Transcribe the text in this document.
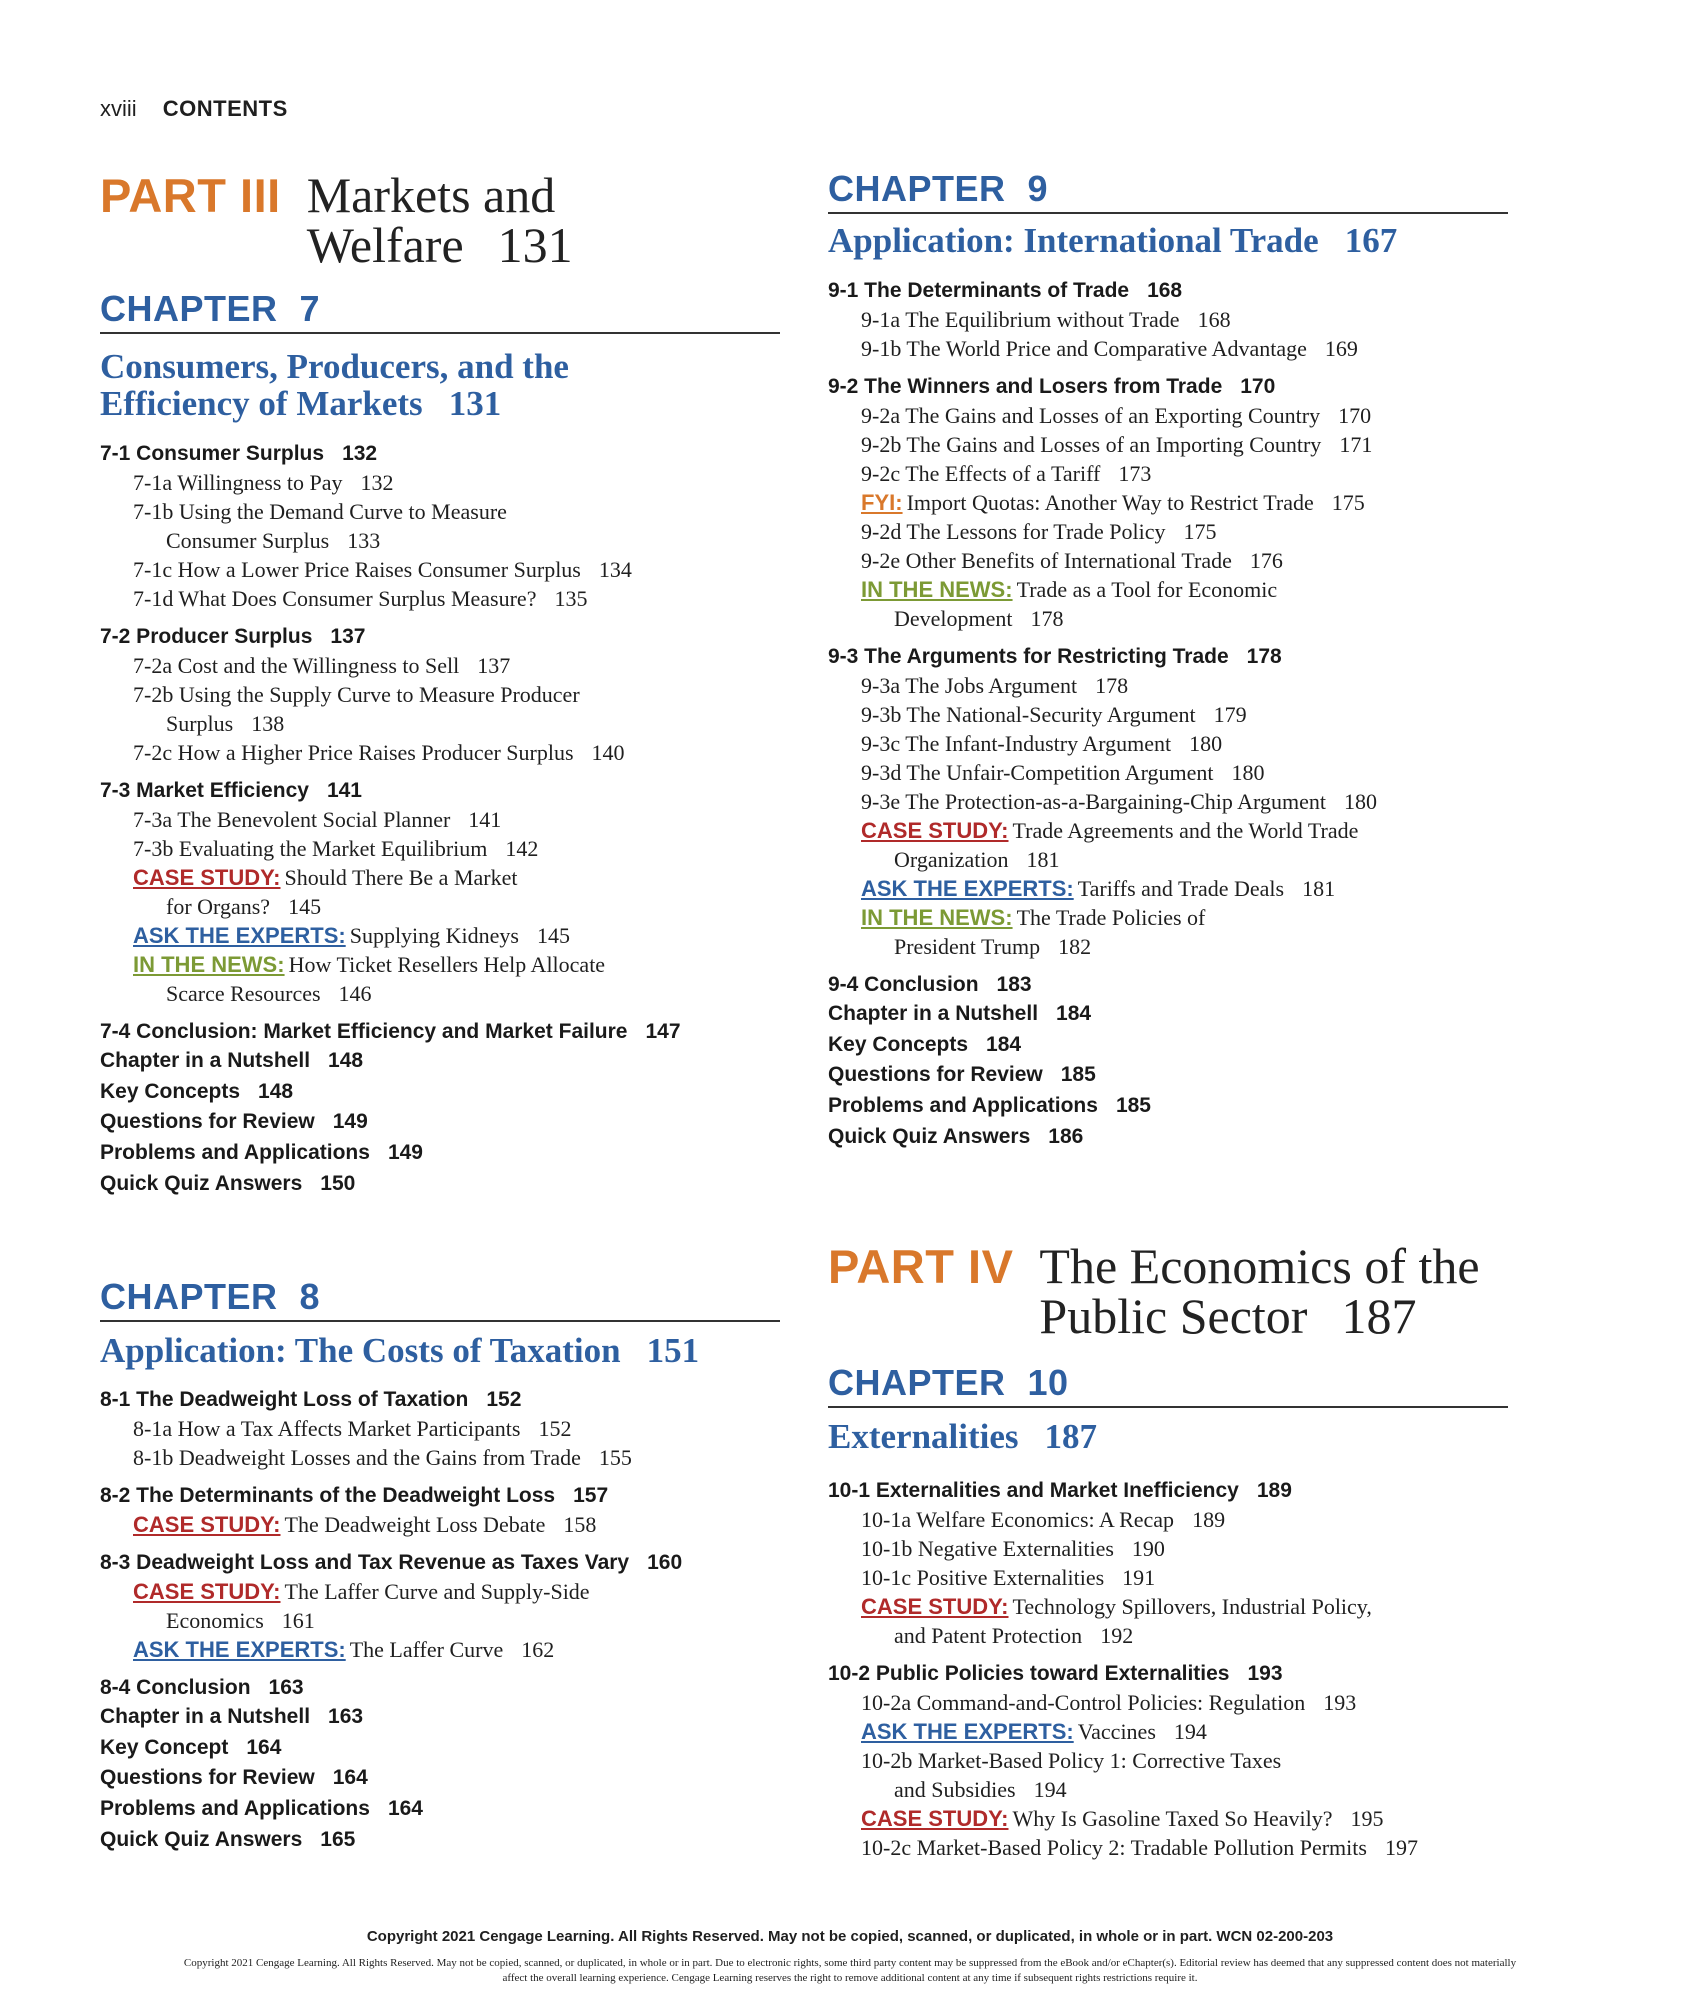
xviii CONTENTS
PART III Markets and
Welfare 131
CHAPTER 7
Consumers, Producers, and the
Efficiency of Markets 131
7-1 Consumer Surplus 132
7-1a Willingness to Pay 132
7-1b Using the Demand Curve to Measure
Consumer Surplus 133
7-1c How a Lower Price Raises Consumer Surplus 134
7-1d What Does Consumer Surplus Measure? 135
7-2 Producer Surplus 137
7-2a Cost and the Willingness to Sell 137
7-2b Using the Supply Curve to Measure Producer
Surplus 138
7-2c How a Higher Price Raises Producer Surplus 140
7-3 Market Efficiency 141
7-3a The Benevolent Social Planner 141
7-3b Evaluating the Market Equilibrium 142
CASE STUDY: Should There Be a Market
for Organs? 145
ASK THE EXPERTS: Supplying Kidneys 145
IN THE NEWS: How Ticket Resellers Help Allocate
Scarce Resources 146
7-4 Conclusion: Market Efficiency and Market Failure 147
Chapter in a Nutshell 148
Key Concepts 148
Questions for Review 149
Problems and Applications 149
Quick Quiz Answers 150
CHAPTER 8
Application: The Costs of Taxation 151
8-1 The Deadweight Loss of Taxation 152
8-1a How a Tax Affects Market Participants 152
8-1b Deadweight Losses and the Gains from Trade 155
8-2 The Determinants of the Deadweight Loss 157
CASE STUDY: The Deadweight Loss Debate 158
8-3 Deadweight Loss and Tax Revenue as Taxes Vary 160
CASE STUDY: The Laffer Curve and Supply-Side
Economics 161
ASK THE EXPERTS: The Laffer Curve 162
8-4 Conclusion 163
Chapter in a Nutshell 163
Key Concept 164
Questions for Review 164
Problems and Applications 164
Quick Quiz Answers 165
CHAPTER 9
Application: International Trade 167
9-1 The Determinants of Trade 168
9-1a The Equilibrium without Trade 168
9-1b The World Price and Comparative Advantage 169
9-2 The Winners and Losers from Trade 170
9-2a The Gains and Losses of an Exporting Country 170
9-2b The Gains and Losses of an Importing Country 171
9-2c The Effects of a Tariff 173
FYI: Import Quotas: Another Way to Restrict Trade 175
9-2d The Lessons for Trade Policy 175
9-2e Other Benefits of International Trade 176
IN THE NEWS: Trade as a Tool for Economic
Development 178
9-3 The Arguments for Restricting Trade 178
9-3a The Jobs Argument 178
9-3b The National-Security Argument 179
9-3c The Infant-Industry Argument 180
9-3d The Unfair-Competition Argument 180
9-3e The Protection-as-a-Bargaining-Chip Argument 180
CASE STUDY: Trade Agreements and the World Trade
Organization 181
ASK THE EXPERTS: Tariffs and Trade Deals 181
IN THE NEWS: The Trade Policies of
President Trump 182
9-4 Conclusion 183
Chapter in a Nutshell 184
Key Concepts 184
Questions for Review 185
Problems and Applications 185
Quick Quiz Answers 186
PART IV The Economics of the
Public Sector 187
CHAPTER 10
Externalities 187
10-1 Externalities and Market Inefficiency 189
10-1a Welfare Economics: A Recap 189
10-1b Negative Externalities 190
10-1c Positive Externalities 191
CASE STUDY: Technology Spillovers, Industrial Policy,
and Patent Protection 192
10-2 Public Policies toward Externalities 193
10-2a Command-and-Control Policies: Regulation 193
ASK THE EXPERTS: Vaccines 194
10-2b Market-Based Policy 1: Corrective Taxes
and Subsidies 194
CASE STUDY: Why Is Gasoline Taxed So Heavily? 195
10-2c Market-Based Policy 2: Tradable Pollution Permits 197
Copyright 2021 Cengage Learning. All Rights Reserved. May not be copied, scanned, or duplicated, in whole or in part. WCN 02-200-203
Copyright 2021 Cengage Learning. All Rights Reserved. May not be copied, scanned, or duplicated, in whole or in part. Due to electronic rights, some third party content may be suppressed from the eBook and/or eChapter(s). Editorial review has deemed that any suppressed content does not materially affect the overall learning experience. Cengage Learning reserves the right to remove additional content at any time if subsequent rights restrictions require it.
